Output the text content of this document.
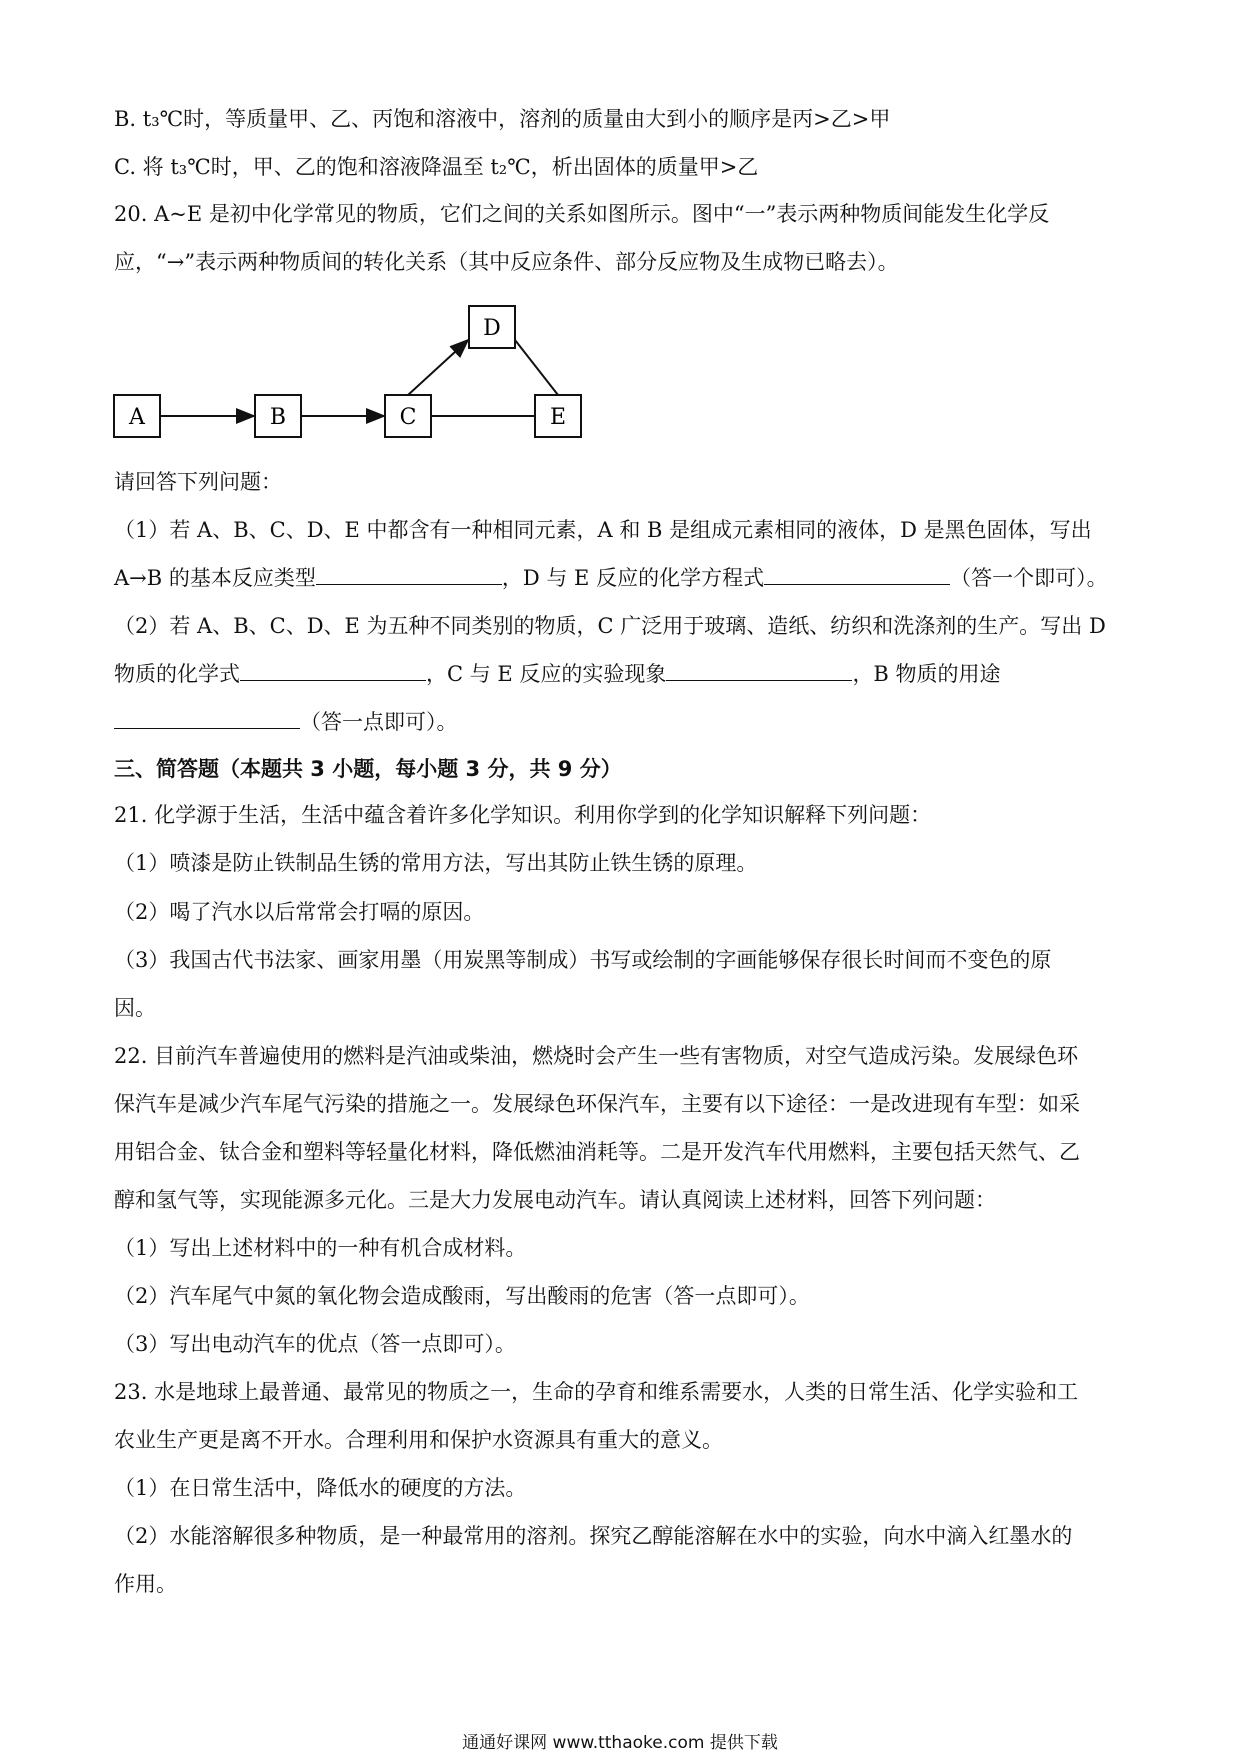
B. t₃℃时，等质量甲、乙、丙饱和溶液中，溶剂的质量由大到小的顺序是丙>乙>甲
C. 将 t₃℃时，甲、乙的饱和溶液降温至 t₂℃，析出固体的质量甲>乙
20. A~E 是初中化学常见的物质，它们之间的关系如图所示。图中“一”表示两种物质间能发生化学反
应，“→”表示两种物质间的转化关系（其中反应条件、部分反应物及生成物已略去）。
A	B	C
D
E
请回答下列问题：
（1）若 A、B、C、D、E 中都含有一种相同元素，A 和 B 是组成元素相同的液体，D 是黑色固体，写出
A→B 的基本反应类型	，D 与 E 反应的化学方程式	（答一个即可）。
（2）若 A、B、C、D、E 为五种不同类别的物质，C 广泛用于玻璃、造纸、纺织和洗涤剂的生产。写出 D
物质的化学式	，C 与 E 反应的实验现象	，B 物质的用途
（答一点即可）。
三、简答题（本题共 3 小题，每小题 3 分，共 9 分）
21. 化学源于生活，生活中蕴含着许多化学知识。利用你学到的化学知识解释下列问题：
（1）喷漆是防止铁制品生锈的常用方法，写出其防止铁生锈的原理。
（2）喝了汽水以后常常会打嗝的原因。
（3）我国古代书法家、画家用墨（用炭黑等制成）书写或绘制的字画能够保存很长时间而不变色的原
因。
22. 目前汽车普遍使用的燃料是汽油或柴油，燃烧时会产生一些有害物质，对空气造成污染。发展绿色环
保汽车是减少汽车尾气污染的措施之一。发展绿色环保汽车，主要有以下途径：一是改进现有车型：如采
用铝合金、钛合金和塑料等轻量化材料，降低燃油消耗等。二是开发汽车代用燃料，主要包括天然气、乙
醇和氢气等，实现能源多元化。三是大力发展电动汽车。请认真阅读上述材料，回答下列问题：
（1）写出上述材料中的一种有机合成材料。
（2）汽车尾气中氮的氧化物会造成酸雨，写出酸雨的危害（答一点即可）。
（3）写出电动汽车的优点（答一点即可）。
23. 水是地球上最普通、最常见的物质之一，生命的孕育和维系需要水，人类的日常生活、化学实验和工
农业生产更是离不开水。合理利用和保护水资源具有重大的意义。
（1）在日常生活中，降低水的硬度的方法。
（2）水能溶解很多种物质，是一种最常用的溶剂。探究乙醇能溶解在水中的实验，向水中滴入红墨水的
作用。
通通好课网 www.tthaoke.com 提供下载
